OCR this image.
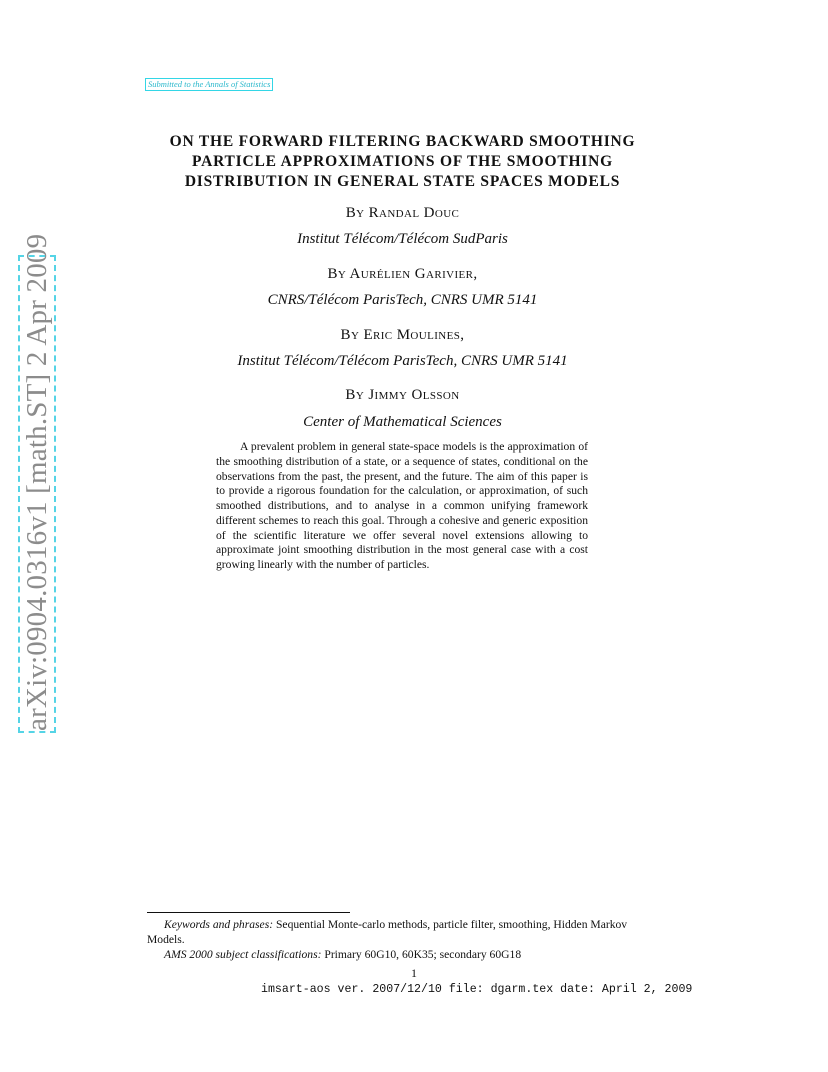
Submitted to the Annals of Statistics
arXiv:0904.0316v1 [math.ST] 2 Apr 2009
ON THE FORWARD FILTERING BACKWARD SMOOTHING
PARTICLE APPROXIMATIONS OF THE SMOOTHING
DISTRIBUTION IN GENERAL STATE SPACES MODELS
By Randal Douc
Institut Télécom/Télécom SudParis
By Aurélien Garivier,
CNRS/Télécom ParisTech, CNRS UMR 5141
By Eric Moulines,
Institut Télécom/Télécom ParisTech, CNRS UMR 5141
By Jimmy Olsson
Center of Mathematical Sciences

A prevalent problem in general state-space models is the approximation of the smoothing distribution of a state, or a sequence of states, conditional on the observations from the past, the present, and the future. The aim of this paper is to provide a rigorous foundation for the calculation, or approximation, of such smoothed distributions, and to analyse in a common unifying framework different schemes to reach this goal. Through a cohesive and generic exposition of the scientific literature we offer several novel extensions allowing to approximate joint smoothing distribution in the most general case with a cost growing linearly with the number of particles.

Keywords and phrases: Sequential Monte-carlo methods, particle filter, smoothing, Hidden Markov Models.
AMS 2000 subject classifications: Primary 60G10, 60K35; secondary 60G18
1
imsart-aos ver. 2007/12/10 file: dgarm.tex date: April 2, 2009
